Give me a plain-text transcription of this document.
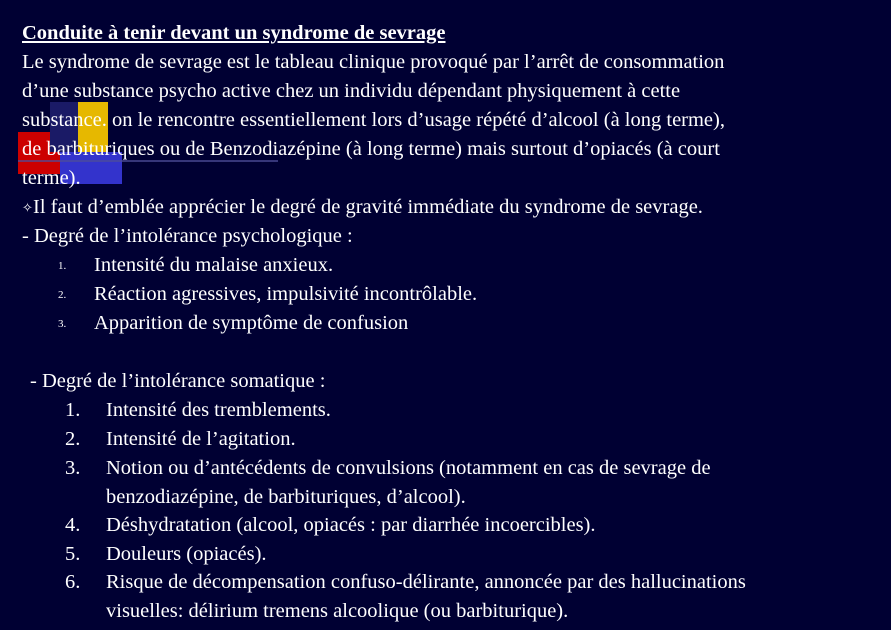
Conduite à tenir devant un syndrome de sevrage
Le syndrome de sevrage est le tableau clinique provoqué par l’arrêt de consommation
d’une substance psycho active chez un individu dépendant physiquement à cette
substance. on le rencontre essentiellement lors d’usage répété d’alcool (à long terme),
de barbituriques ou de Benzodiazépine (à long terme) mais surtout d’opiacés (à court
terme).
✧Il faut d’emblée apprécier le degré de gravité immédiate du syndrome de sevrage.
- Degré de l’intolérance psychologique :
1. Intensité du malaise anxieux.
2. Réaction agressives, impulsivité incontrôlable.
3. Apparition de symptôme de confusion
- Degré de l’intolérance somatique :
1. Intensité des tremblements.
2. Intensité de l’agitation.
3. Notion ou d’antécédents de convulsions (notamment en cas de sevrage de
benzodiazépine, de barbituriques, d’alcool).
4. Déshydratation (alcool, opiacés : par diarrhée incoercibles).
5. Douleurs (opiacés).
6. Risque de décompensation confuso-délirante, annoncée par des hallucinations
visuelles: délirium tremens alcoolique (ou barbiturique).
